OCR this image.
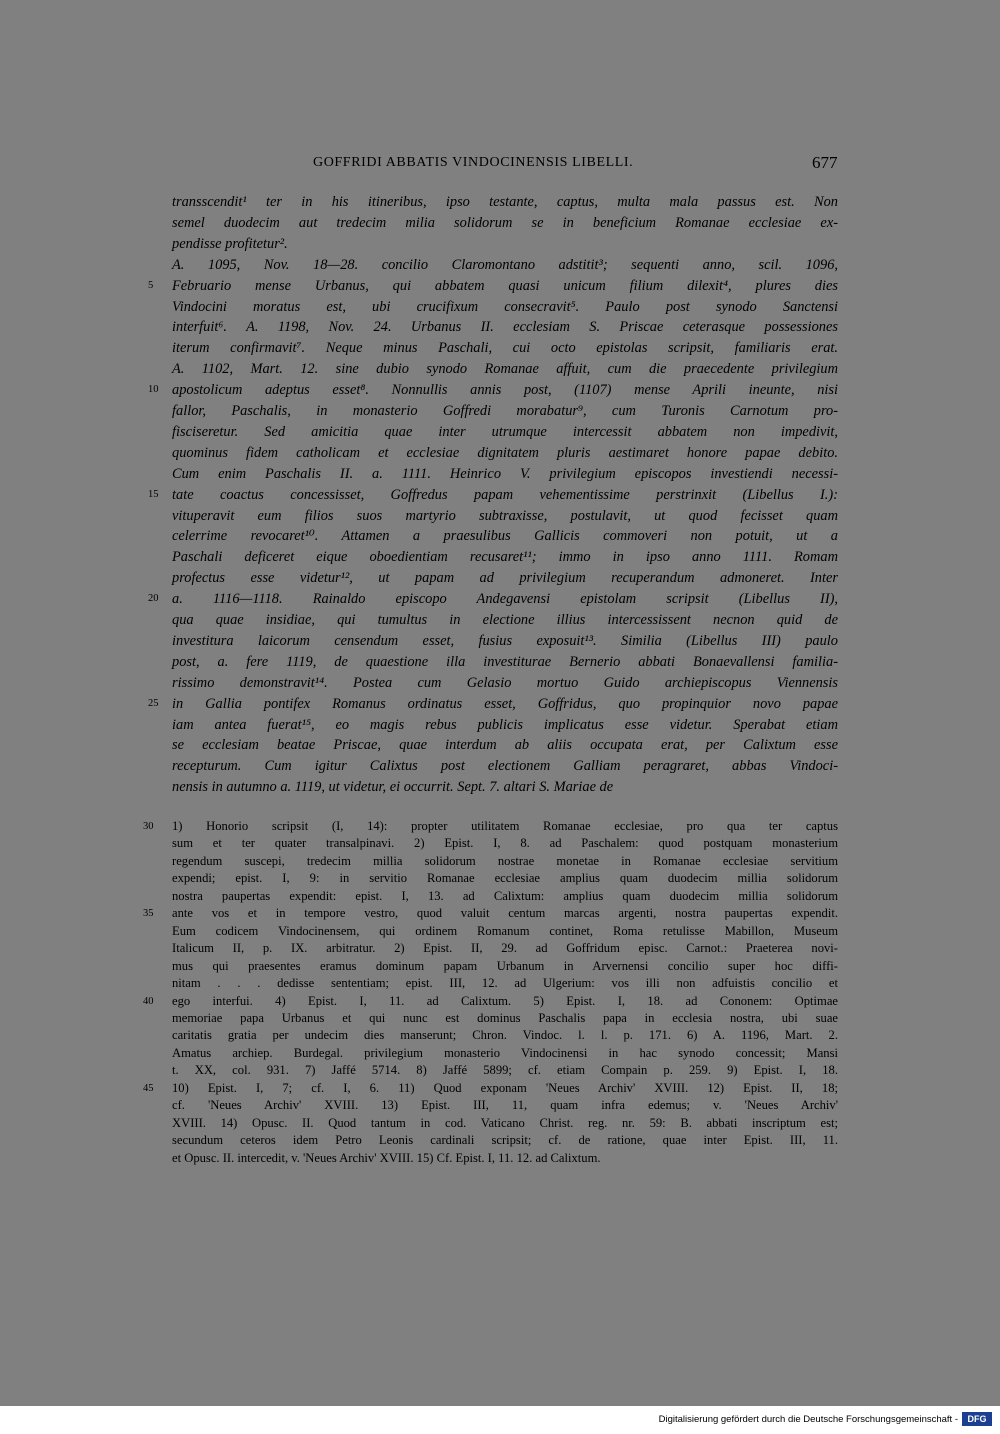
GOFFRIDI ABBATIS VINDOCINENSIS LIBELLI.	677
transscendit¹ ter in his itineribus, ipso testante, captus, multa mala passus est. Non
semel duodecim aut tredecim milia solidorum se in beneficium Romanae ecclesiae ex-
pendisse profitetur².
A. 1095, Nov. 18—28. concilio Claromontano adstitit³; sequenti anno, scil. 1096,
Februario mense Urbanus, qui abbatem quasi unicum filium dilexit⁴, plures dies
5
Vindocini moratus est, ubi crucifixum consecravit⁵. Paulo post synodo Sanctensi
interfuit⁶. A. 1198, Nov. 24. Urbanus II. ecclesiam S. Priscae ceterasque possessiones
iterum confirmavit⁷. Neque minus Paschali, cui octo epistolas scripsit, familiaris erat.
A. 1102, Mart. 12. sine dubio synodo Romanae affuit, cum die praecedente privilegium
apostolicum adeptus esset⁸. Nonnullis annis post, (1107) mense Aprili ineunte, nisi
10
fallor, Paschalis, in monasterio Goffredi morabatur⁹, cum Turonis Carnotum pro-
fisciseretur. Sed amicitia quae inter utrumque intercessit abbatem non impedivit,
quominus fidem catholicam et ecclesiae dignitatem pluris aestimaret honore papae debito.
Cum enim Paschalis II. a. 1111. Heinrico V. privilegium episcopos investiendi necessi-
tate coactus concessisset, Goffredus papam vehementissime perstrinxit (Libellus I.):
15
vituperavit eum filios suos martyrio subtraxisse, postulavit, ut quod fecisset quam
celerrime revocaret¹⁰. Attamen a praesulibus Gallicis commoveri non potuit, ut a
Paschali deficeret eique oboedientiam recusaret¹¹; immo in ipso anno 1111. Romam
profectus esse videtur¹², ut papam ad privilegium recuperandum admoneret. Inter
a. 1116—1118. Rainaldo episcopo Andegavensi epistolam scripsit (Libellus II),
20
qua quae insidiae, qui tumultus in electione illius intercessissent necnon quid de
investitura laicorum censendum esset, fusius exposuit¹³. Similia (Libellus III) paulo
post, a. fere 1119, de quaestione illa investiturae Bernerio abbati Bonaevallensi familia-
rissimo demonstravit¹⁴. Postea cum Gelasio mortuo Guido archiepiscopus Viennensis
in Gallia pontifex Romanus ordinatus esset, Goffridus, quo propinquior novo papae
25
iam antea fuerat¹⁵, eo magis rebus publicis implicatus esse videtur. Sperabat etiam
se ecclesiam beatae Priscae, quae interdum ab aliis occupata erat, per Calixtum esse
recepturum. Cum igitur Calixtus post electionem Galliam peragraret, abbas Vindoci-
nensis in autumno a. 1119, ut videtur, ei occurrit. Sept. 7. altari S. Mariae de
1) Honorio scripsit (I, 14): propter utilitatem Romanae ecclesiae, pro qua ter captus
30
sum et ter quater transalpinavi. 2) Epist. I, 8. ad Paschalem: quod postquam monasterium
regendum suscepi, tredecim millia solidorum nostrae monetae in Romanae ecclesiae servitium
expendi; epist. I, 9: in servitio Romanae ecclesiae amplius quam duodecim millia solidorum
nostra paupertas expendit: epist. I, 13. ad Calixtum: amplius quam duodecim millia solidorum
ante vos et in tempore vestro, quod valuit centum marcas argenti, nostra paupertas expendit.
35
Eum codicem Vindocinensem, qui ordinem Romanum continet, Roma retulisse Mabillon, Museum
Italicum II, p. IX. arbitratur. 2) Epist. II, 29. ad Goffridum episc. Carnot.: Praeterea novi-
mus qui praesentes eramus dominum papam Urbanum in Arvernensi concilio super hoc diffi-
nitam . . . dedisse sententiam; epist. III, 12. ad Ulgerium: vos illi non adfuistis concilio et
ego interfui. 4) Epist. I, 11. ad Calixtum. 5) Epist. I, 18. ad Cononem: Optimae
40
memoriae papa Urbanus et qui nunc est dominus Paschalis papa in ecclesia nostra, ubi suae
caritatis gratia per undecim dies manserunt; Chron. Vindoc. l. l. p. 171. 6) A. 1196, Mart. 2.
Amatus archiep. Burdegal. privilegium monasterio Vindocinensi in hac synodo concessit; Mansi
t. XX, col. 931. 7) Jaffé 5714. 8) Jaffé 5899; cf. etiam Compain p. 259. 9) Epist. I, 18.
10) Epist. I, 7; cf. I, 6. 11) Quod exponam 'Neues Archiv' XVIII. 12) Epist. II, 18;
45
cf. 'Neues Archiv' XVIII. 13) Epist. III, 11, quam infra edemus; v. 'Neues Archiv'
XVIII. 14) Opusc. II. Quod tantum in cod. Vaticano Christ. reg. nr. 59: B. abbati inscriptum est;
secundum ceteros idem Petro Leonis cardinali scripsit; cf. de ratione, quae inter Epist. III, 11.
et Opusc. II. intercedit, v. 'Neues Archiv' XVIII. 15) Cf. Epist. I, 11. 12. ad Calixtum.
Digitalisierung gefördert durch die Deutsche Forschungsgemeinschaft -	DFG
